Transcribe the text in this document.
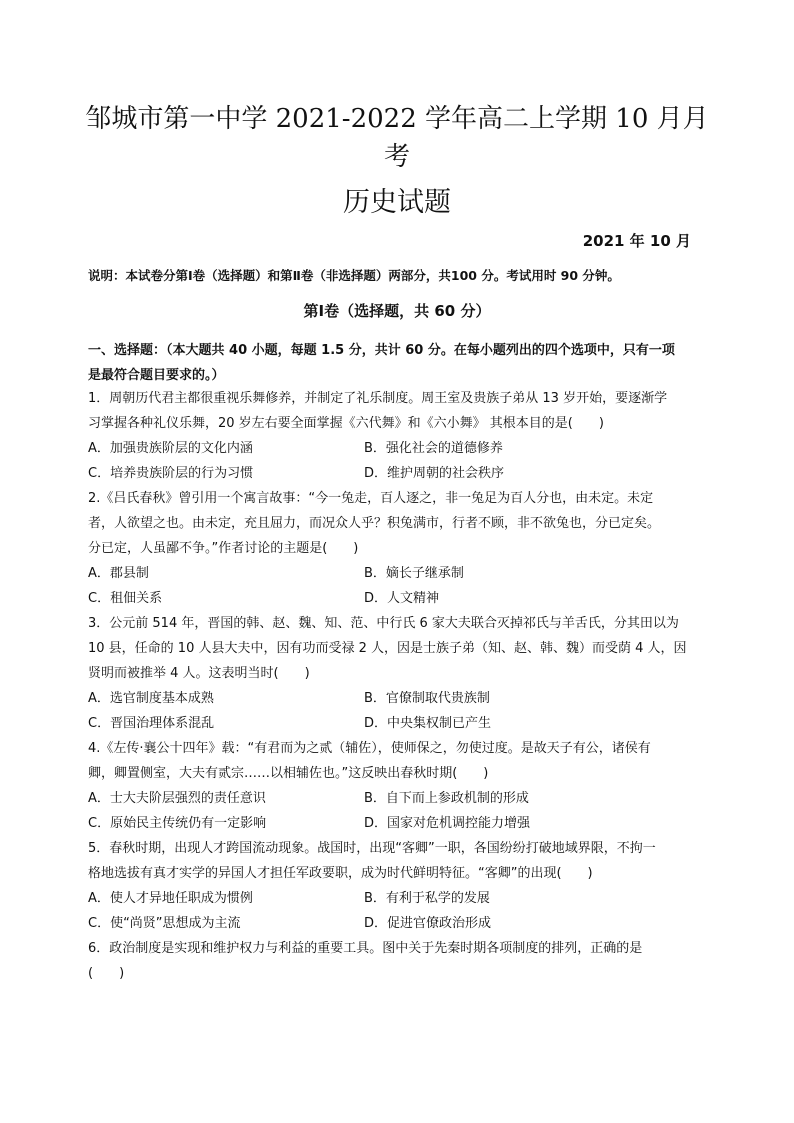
邹城市第一中学 2021-2022 学年高二上学期 10 月月
考
历史试题
2021 年 10 月
说明：本试卷分第Ⅰ卷（选择题）和第Ⅱ卷（非选择题）两部分，共100 分。考试用时 90 分钟。
第Ⅰ卷（选择题，共 60 分）
一、选择题：（本大题共 40 小题，每题 1.5 分，共计 60 分。在每小题列出的四个选项中，只有一项
是最符合题目要求的。）
1．周朝历代君主都很重视乐舞修养，并制定了礼乐制度。周王室及贵族子弟从 13 岁开始，要逐渐学
习掌握各种礼仪乐舞，20 岁左右要全面掌握《六代舞》和《六小舞》 其根本目的是(　　)
A．加强贵族阶层的文化内涵	B．强化社会的道德修养
C．培养贵族阶层的行为习惯	D．维护周朝的社会秩序
2.《吕氏春秋》曾引用一个寓言故事：“今一兔走，百人逐之，非一兔足为百人分也，由未定。未定
者，人欲望之也。由未定，充且屈力，而况众人乎？积兔满市，行者不顾，非不欲兔也，分已定矣。
分已定，人虽鄙不争。”作者讨论的主题是(　　)
A．郡县制	B．嫡长子继承制
C．租佃关系	D．人文精神
3．公元前 514 年，晋国的韩、赵、魏、知、范、中行氏 6 家大夫联合灭掉祁氏与羊舌氏，分其田以为
10 县，任命的 10 人县大夫中，因有功而受禄 2 人，因是士族子弟（知、赵、韩、魏）而受荫 4 人，因
贤明而被推举 4 人。这表明当时(　　)
A．选官制度基本成熟	B．官僚制取代贵族制
C．晋国治理体系混乱	D．中央集权制已产生
4.《左传·襄公十四年》载：“有君而为之贰（辅佐），使师保之，勿使过度。是故天子有公，诸侯有
卿，卿置侧室，大夫有贰宗……以相辅佐也。”这反映出春秋时期(　　)
A．士大夫阶层强烈的责任意识	B．自下而上参政机制的形成
C．原始民主传统仍有一定影响	D．国家对危机调控能力增强
5．春秋时期，出现人才跨国流动现象。战国时，出现“客卿”一职，各国纷纷打破地域界限，不拘一
格地选拔有真才实学的异国人才担任军政要职，成为时代鲜明特征。“客卿”的出现(　　)
A．使人才异地任职成为惯例	B．有利于私学的发展
C．使“尚贤”思想成为主流	D．促进官僚政治形成
6．政治制度是实现和维护权力与利益的重要工具。图中关于先秦时期各项制度的排列，正确的是
(　　)
